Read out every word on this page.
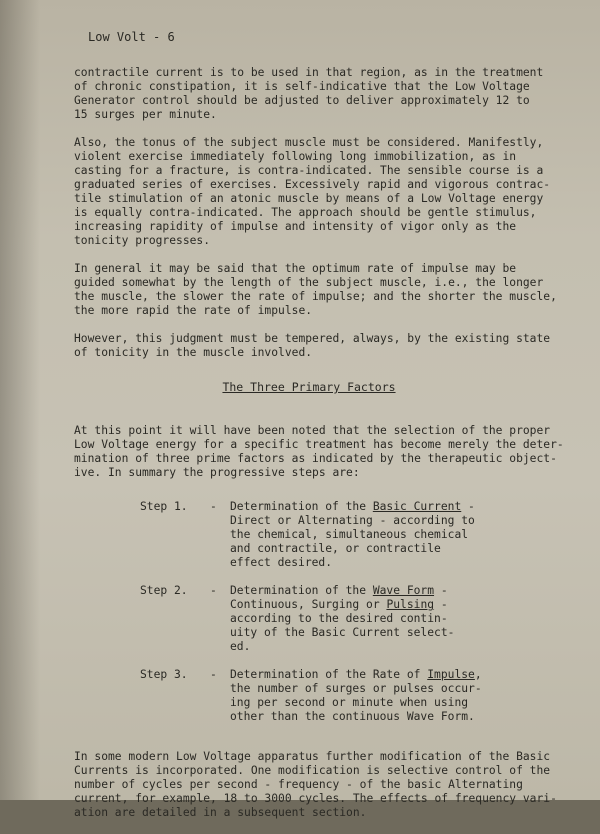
Low Volt - 6
contractile current is to be used in that region, as in the treatment
of chronic constipation, it is self-indicative that the Low Voltage
Generator control should be adjusted to deliver approximately 12 to
15 surges per minute.
Also, the tonus of the subject muscle must be considered. Manifestly,
violent exercise immediately following long immobilization, as in
casting for a fracture, is contra-indicated. The sensible course is a
graduated series of exercises. Excessively rapid and vigorous contrac-
tile stimulation of an atonic muscle by means of a Low Voltage energy
is equally contra-indicated. The approach should be gentle stimulus,
increasing rapidity of impulse and intensity of vigor only as the
tonicity progresses.
In general it may be said that the optimum rate of impulse may be
guided somewhat by the length of the subject muscle, i.e., the longer
the muscle, the slower the rate of impulse; and the shorter the muscle,
the more rapid the rate of impulse.
However, this judgment must be tempered, always, by the existing state
of tonicity in the muscle involved.
The Three Primary Factors
At this point it will have been noted that the selection of the proper
Low Voltage energy for a specific treatment has become merely the deter-
mination of three prime factors as indicated by the therapeutic object-
ive. In summary the progressive steps are:
Step 1.	-	Determination of the Basic Current -
Direct or Alternating - according to
the chemical, simultaneous chemical
and contractile, or contractile
effect desired.
Step 2.	-	Determination of the Wave Form -
Continuous, Surging or Pulsing -
according to the desired contin-
uity of the Basic Current select-
ed.
Step 3.	-	Determination of the Rate of Impulse,
the number of surges or pulses occur-
ing per second or minute when using
other than the continuous Wave Form.
In some modern Low Voltage apparatus further modification of the Basic
Currents is incorporated. One modification is selective control of the
number of cycles per second - frequency - of the basic Alternating
current, for example, 18 to 3000 cycles. The effects of frequency vari-
ation are detailed in a subsequent section.
